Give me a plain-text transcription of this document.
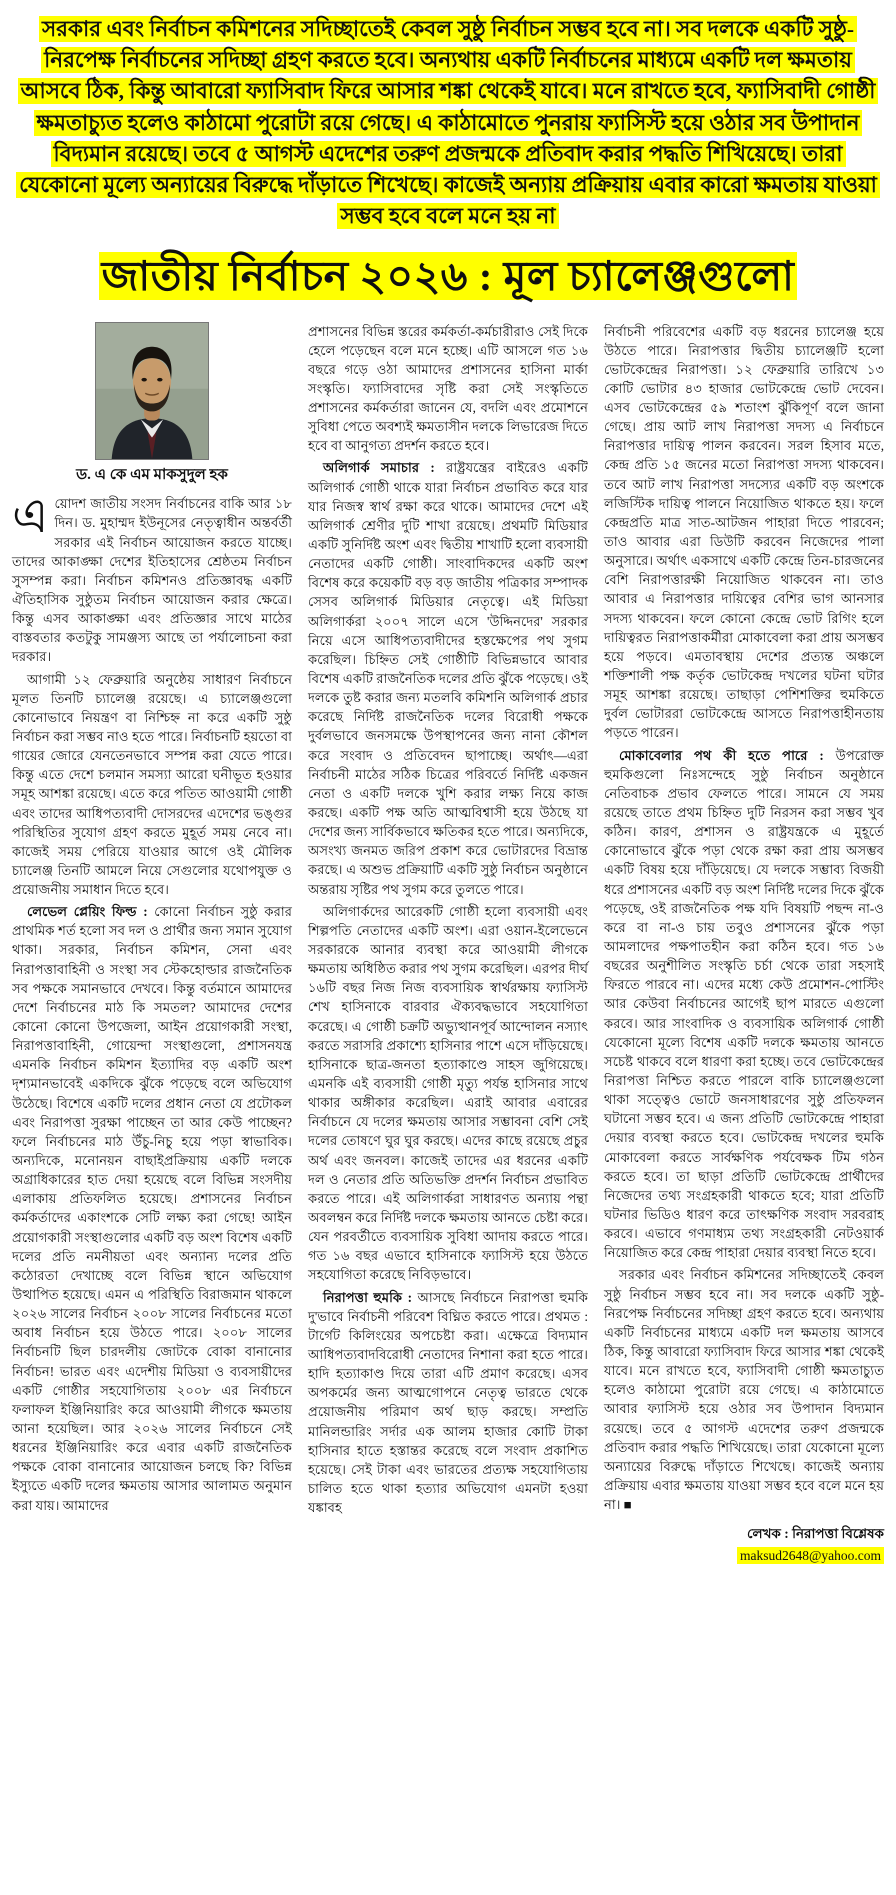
সরকার এবং নির্বাচন কমিশনের সদিচ্ছাতেই কেবল সুষ্ঠু নির্বাচন সম্ভব হবে না। সব দলকে একটি সুষ্ঠু-নিরপেক্ষ নির্বাচনের সদিচ্ছা গ্রহণ করতে হবে। অন্যথায় একটি নির্বাচনের মাধ্যমে একটি দল ক্ষমতায় আসবে ঠিক, কিন্তু আবারো ফ্যাসিবাদ ফিরে আসার শঙ্কা থেকেই যাবে। মনে রাখতে হবে, ফ্যাসিবাদী গোষ্ঠী ক্ষমতাচ্যুত হলেও কাঠামো পুরোটা রয়ে গেছে। এ কাঠামোতে পুনরায় ফ্যাসিস্ট হয়ে ওঠার সব উপাদান বিদ্যমান রয়েছে। তবে ৫ আগস্ট এদেশের তরুণ প্রজন্মকে প্রতিবাদ করার পদ্ধতি শিখিয়েছে। তারা যেকোনো মূল্যে অন্যায়ের বিরুদ্ধে দাঁড়াতে শিখেছে। কাজেই অন্যায় প্রক্রিয়ায় এবার কারো ক্ষমতায় যাওয়া সম্ভব হবে বলে মনে হয় না

জাতীয় নির্বাচন ২০২৬ : মূল চ্যালেঞ্জগুলো
ড. এ কে এম মাকসুদুল হক

এয়োদশ জাতীয় সংসদ নির্বাচনের বাকি আর ১৮ দিন। ড. মুহাম্মদ ইউনূসের নেতৃত্বাধীন অন্তর্বর্তী সরকার এই নির্বাচন আয়োজন করতে যাচ্ছে। তাদের আকাঙ্ক্ষা দেশের ইতিহাসের শ্রেষ্ঠতম নির্বাচন সুসম্পন্ন করা। নির্বাচন কমিশনও প্রতিজ্ঞাবদ্ধ একটি ঐতিহাসিক সুষ্ঠুতম নির্বাচন আয়োজন করার ক্ষেত্রে। কিন্তু এসব আকাঙ্ক্ষা এবং প্রতিজ্ঞার সাথে মাঠের বাস্তবতার কতটুকু সামঞ্জস্য আছে তা পর্যালোচনা করা দরকার।

আগামী ১২ ফেব্রুয়ারি অনুষ্ঠেয় সাধারণ নির্বাচনে মূলত তিনটি চ্যালেঞ্জ রয়েছে। এ চ্যালেঞ্জগুলো কোনোভাবে নিয়ন্ত্রণ বা নিশ্চিহ্ন না করে একটি সুষ্ঠু নির্বাচন করা সম্ভব নাও হতে পারে। নির্বাচনটি হয়তো বা গায়ের জোরে যেনতেনভাবে সম্পন্ন করা যেতে পারে। কিন্তু এতে দেশে চলমান সমস্যা আরো ঘনীভূত হওয়ার সমূহ আশঙ্কা রয়েছে। এতে করে পতিত আওয়ামী গোষ্ঠী এবং তাদের আধিপত্যবাদী দোসরদের এদেশের ভঙ্গুর পরিস্থিতির সুযোগ গ্রহণ করতে মুহূর্ত সময় নেবে না। কাজেই সময় পেরিয়ে যাওয়ার আগে ওই মৌলিক চ্যালেঞ্জ তিনটি আমলে নিয়ে সেগুলোর যথোপযুক্ত ও প্রয়োজনীয় সমাধান দিতে হবে।

লেভেল প্লেয়িং ফিল্ড : কোনো নির্বাচন সুষ্ঠু করার প্রাথমিক শর্ত হলো সব দল ও প্রার্থীর জন্য সমান সুযোগ থাকা। সরকার, নির্বাচন কমিশন, সেনা এবং নিরাপত্তাবাহিনী ও সংস্থা সব স্টেকহোল্ডার রাজনৈতিক সব পক্ষকে সমানভাবে দেখবে। কিন্তু বর্তমানে আমাদের দেশে নির্বাচনের মাঠ কি সমতল? আমাদের দেশের কোনো কোনো উপজেলা, আইন প্রয়োগকারী সংস্থা, নিরাপত্তাবাহিনী, গোয়েন্দা সংস্থাগুলো, প্রশাসনযন্ত্র এমনকি নির্বাচন কমিশন ইত্যাদির বড় একটি অংশ দৃশ্যমানভাবেই একদিকে ঝুঁকে পড়েছে বলে অভিযোগ উঠেছে। বিশেষে একটি দলের প্রধান নেতা যে প্রটোকল এবং নিরাপত্তা সুরক্ষা পাচ্ছেন তা আর কেউ পাচ্ছেন? ফলে নির্বাচনের মাঠ উঁচু-নিচু হয়ে পড়া স্বাভাবিক। অন্যদিকে, মনোনয়ন বাছাইপ্রক্রিয়ায় একটি দলকে অগ্রাধিকারের হাত দেয়া হয়েছে বলে বিভিন্ন সংসদীয় এলাকায় প্রতিফলিত হয়েছে। প্রশাসনের নির্বাচন কর্মকর্তাদের একাংশকে সেটি লক্ষ্য করা গেছে! আইন প্রয়োগকারী সংস্থাগুলোর একটি বড় অংশ বিশেষ একটি দলের প্রতি নমনীয়তা এবং অন্যান্য দলের প্রতি কঠোরতা দেখাচ্ছে বলে বিভিন্ন স্থানে অভিযোগ উত্থাপিত হয়েছে। এমন এ পরিস্থিতি বিরাজমান থাকলে ২০২৬ সালের নির্বাচন ২০০৮ সালের নির্বাচনের মতো অবাধ নির্বাচন হয়ে উঠতে পারে। ২০০৮ সালের নির্বাচনটি ছিল চারদলীয় জোটকে বোকা বানানোর নির্বাচন! ভারত এবং এদেশীয় মিডিয়া ও ব্যবসায়ীদের একটি গোষ্ঠীর সহযোগিতায় ২০০৮ এর নির্বাচনে ফলাফল ইঞ্জিনিয়ারিং করে আওয়ামী লীগকে ক্ষমতায় আনা হয়েছিল। আর ২০২৬ সালের নির্বাচনে সেই ধরনের ইঞ্জিনিয়ারিং করে এবার একটি রাজনৈতিক পক্ষকে বোকা বানানোর আয়োজন চলছে কি? বিভিন্ন ইস্যুতে একটি দলের ক্ষমতায় আসার আলামত অনুমান করা যায়। আমাদের

প্রশাসনের বিভিন্ন স্তরের কর্মকর্তা-কর্মচারীরাও সেই দিকে হেলে পড়েছেন বলে মনে হচ্ছে। এটি আসলে গত ১৬ বছরে গড়ে ওঠা আমাদের প্রশাসনের হাসিনা মার্কা সংস্কৃতি। ফ্যাসিবাদের সৃষ্টি করা সেই সংস্কৃতিতে প্রশাসনের কর্মকর্তারা জানেন যে, বদলি এবং প্রমোশনে সুবিধা পেতে অবশ্যই ক্ষমতাসীন দলকে লিভারেজ দিতে হবে বা আনুগত্য প্রদর্শন করতে হবে।

অলিগার্ক সমাচার : রাষ্ট্রযন্ত্রের বাইরেও একটি অলিগার্ক গোষ্ঠী থাকে যারা নির্বাচন প্রভাবিত করে যার যার নিজস্ব স্বার্থ রক্ষা করে থাকে। আমাদের দেশে এই অলিগার্ক শ্রেণীর দুটি শাখা রয়েছে। প্রথমটি মিডিয়ার একটি সুনির্দিষ্ট অংশ এবং দ্বিতীয় শাখাটি হলো ব্যবসায়ী নেতাদের একটি গোষ্ঠী। সাংবাদিকদের একটি অংশ বিশেষ করে কয়েকটি বড় বড় জাতীয় পত্রিকার সম্পাদক সেসব অলিগার্ক মিডিয়ার নেতৃত্বে। এই মিডিয়া অলিগার্করা ২০০৭ সালে এসে 'উদ্দিনদের' সরকার নিয়ে এসে আধিপত্যবাদীদের হস্তক্ষেপের পথ সুগম করেছিল। চিহ্নিত সেই গোষ্ঠীটি বিভিন্নভাবে আবার বিশেষ একটি রাজনৈতিক দলের প্রতি ঝুঁকে পড়েছে। ওই দলকে তুষ্ট করার জন্য মতলবি কমিশনি অলিগার্ক প্রচার করেছে নির্দিষ্ট রাজনৈতিক দলের বিরোধী পক্ষকে দুর্বলভাবে জনসমক্ষে উপস্থাপনের জন্য নানা কৌশল করে সংবাদ ও প্রতিবেদন ছাপাচ্ছে। অর্থাৎ—এরা নির্বাচনী মাঠের সঠিক চিত্রের পরিবর্তে নির্দিষ্ট একজন নেতা ও একটি দলকে খুশি করার লক্ষ্য নিয়ে কাজ করছে। একটি পক্ষ অতি আত্মবিশ্বাসী হয়ে উঠছে যা দেশের জন্য সার্বিকভাবে ক্ষতিকর হতে পারে। অন্যদিকে, অসংখ্য জনমত জরিপ প্রকাশ করে ভোটারদের বিভ্রান্ত করছে। এ অশুভ প্রক্রিয়াটি একটি সুষ্ঠু নির্বাচন অনুষ্ঠানে অন্তরায় সৃষ্টির পথ সুগম করে তুলতে পারে।

অলিগার্কদের আরেকটি গোষ্ঠী হলো ব্যবসায়ী এবং শিল্পপতি নেতাদের একটি অংশ। এরা ওয়ান-ইলেভেনে সরকারকে আনার ব্যবস্থা করে আওয়ামী লীগকে ক্ষমতায় অধিষ্ঠিত করার পথ সুগম করেছিল। এরপর দীর্ঘ ১৬টি বছর নিজ নিজ ব্যবসায়িক স্বার্থরক্ষায় ফ্যাসিস্ট শেখ হাসিনাকে বারবার ঐক্যবদ্ধভাবে সহযোগিতা করেছে। এ গোষ্ঠী চক্রটি অভ্যুত্থানপূর্ব আন্দোলন নস্যাৎ করতে সরাসরি প্রকাশ্যে হাসিনার পাশে এসে দাঁড়িয়েছে। হাসিনাকে ছাত্র-জনতা হত্যাকাণ্ডে সাহস জুগিয়েছে। এমনকি এই ব্যবসায়ী গোষ্ঠী মৃত্যু পর্যন্ত হাসিনার সাথে থাকার অঙ্গীকার করেছিল। এরাই আবার এবারের নির্বাচনে যে দলের ক্ষমতায় আসার সম্ভাবনা বেশি সেই দলের তোষণে ঘুর ঘুর করছে। এদের কাছে রয়েছে প্রচুর অর্থ এবং জনবল। কাজেই তাদের এর ধরনের একটি দল ও নেতার প্রতি অতিভক্তি প্রদর্শন নির্বাচন প্রভাবিত করতে পারে। এই অলিগার্করা সাধারণত অন্যায় পন্থা অবলম্বন করে নির্দিষ্ট দলকে ক্ষমতায় আনতে চেষ্টা করে। যেন পরবর্তীতে ব্যবসায়িক সুবিধা আদায় করতে পারে। গত ১৬ বছর এভাবে হাসিনাকে ফ্যাসিস্ট হয়ে উঠতে সহযোগিতা করেছে নিবিড়ভাবে।

নিরাপত্তা হুমকি : আসছে নির্বাচনে নিরাপত্তা হুমকি দু'ভাবে নির্বাচনী পরিবেশ বিঘ্নিত করতে পারে। প্রথমত : টার্গেট কিলিংয়ের অপচেষ্টা করা। এক্ষেত্রে বিদ্যমান আধিপত্যবাদবিরোধী নেতাদের নিশানা করা হতে পারে। হাদি হত্যাকাণ্ড দিয়ে তারা এটি প্রমাণ করেছে। এসব অপকর্মের জন্য আত্মগোপনে নেতৃত্ব ভারতে থেকে প্রয়োজনীয় পরিমাণ অর্থ ছাড় করছে। সম্প্রতি মানিলন্ডারিং সর্দার এক আলম হাজার কোটি টাকা হাসিনার হাতে হস্তান্তর করেছে বলে সংবাদ প্রকাশিত হয়েছে। সেই টাকা এবং ভারতের প্রত্যক্ষ সহযোগিতায় চালিত হতে থাকা হত্যার অভিযোগ এমনটা হওয়া যঙ্কাবহ

নির্বাচনী পরিবেশের একটি বড় ধরনের চ্যালেঞ্জ হয়ে উঠতে পারে। নিরাপত্তার দ্বিতীয় চ্যালেঞ্জটি হলো ভোটকেন্দ্রের নিরাপত্তা। ১২ ফেব্রুয়ারি তারিখে ১৩ কোটি ভোটার ৪৩ হাজার ভোটকেন্দ্রে ভোট দেবেন। এসব ভোটকেন্দ্রের ৫৯ শতাংশ ঝুঁকিপূর্ণ বলে জানা গেছে। প্রায় আট লাখ নিরাপত্তা সদস্য এ নির্বাচনে নিরাপত্তার দায়িত্ব পালন করবেন। সরল হিসাব মতে, কেন্দ্র প্রতি ১৫ জনের মতো নিরাপত্তা সদস্য থাকবেন। তবে আট লাখ নিরাপত্তা সদস্যের একটি বড় অংশকে লজিস্টিক দায়িত্ব পালনে নিয়োজিত থাকতে হয়। ফলে কেন্দ্রপ্রতি মাত্র সাত-আটজন পাহারা দিতে পারবেন; তাও আবার এরা ডিউটি করবেন নিজেদের পালা অনুসারে। অর্থাৎ একসাথে একটি কেন্দ্রে তিন-চারজনের বেশি নিরাপত্তারক্ষী নিয়োজিত থাকবেন না। তাও আবার এ নিরাপত্তার দায়িত্বের বেশির ভাগ আনসার সদস্য থাকবেন। ফলে কোনো কেন্দ্রে ভোট রিগিং হলে দায়িত্বরত নিরাপত্তাকর্মীরা মোকাবেলা করা প্রায় অসম্ভব হয়ে পড়বে। এমতাবস্থায় দেশের প্রত্যন্ত অঞ্চলে শক্তিশালী পক্ষ কর্তৃক ভোটকেন্দ্র দখলের ঘটনা ঘটার সমূহ আশঙ্কা রয়েছে। তাছাড়া পেশিশক্তির হুমকিতে দুর্বল ভোটাররা ভোটকেন্দ্রে আসতে নিরাপত্তাহীনতায় পড়তে পারেন।

মোকাবেলার পথ কী হতে পারে : উপরোক্ত হুমকিগুলো নিঃসন্দেহে সুষ্ঠু নির্বাচন অনুষ্ঠানে নেতিবাচক প্রভাব ফেলতে পারে। সামনে যে সময় রয়েছে তাতে প্রথম চিহ্নিত দুটি নিরসন করা সম্ভব খুব কঠিন। কারণ, প্রশাসন ও রাষ্ট্রযন্ত্রকে এ মুহূর্তে কোনোভাবে ঝুঁকে পড়া থেকে রক্ষা করা প্রায় অসম্ভব একটি বিষয় হয়ে দাঁড়িয়েছে। যে দলকে সম্ভাব্য বিজয়ী ধরে প্রশাসনের একটি বড় অংশ নির্দিষ্ট দলের দিকে ঝুঁকে পড়েছে, ওই রাজনৈতিক পক্ষ যদি বিষয়টি পছন্দ না-ও করে বা না-ও চায় তবুও প্রশাসনের ঝুঁকে পড়া আমলাদের পক্ষপাতহীন করা কঠিন হবে। গত ১৬ বছরের অনুশীলিত সংস্কৃতি চর্চা থেকে তারা সহসাই ফিরতে পারবে না। এদের মধ্যে কেউ প্রমোশন-পোস্টিং আর কেউবা নির্বাচনের আগেই ছাপ মারতে এগুলো করবে। আর সাংবাদিক ও ব্যবসায়িক অলিগার্ক গোষ্ঠী যেকোনো মূল্যে বিশেষ একটি দলকে ক্ষমতায় আনতে সচেষ্ট থাকবে বলে ধারণা করা হচ্ছে। তবে ভোটকেন্দ্রের নিরাপত্তা নিশ্চিত করতে পারলে বাকি চ্যালেঞ্জগুলো থাকা সত্ত্বেও ভোটে জনসাধারণের সুষ্ঠু প্রতিফলন ঘটানো সম্ভব হবে। এ জন্য প্রতিটি ভোটকেন্দ্রে পাহারা দেয়ার ব্যবস্থা করতে হবে। ভোটকেন্দ্র দখলের হুমকি মোকাবেলা করতে সার্বক্ষণিক পর্যবেক্ষক টিম গঠন করতে হবে। তা ছাড়া প্রতিটি ভোটকেন্দ্রে প্রার্থীদের নিজেদের তথ্য সংগ্রহকারী থাকতে হবে; যারা প্রতিটি ঘটনার ভিডিও ধারণ করে তাৎক্ষণিক সংবাদ সরবরাহ করবে। এভাবে গণমাধ্যম তথ্য সংগ্রহকারী নেটওয়ার্ক নিয়োজিত করে কেন্দ্র পাহারা দেয়ার ব্যবস্থা নিতে হবে।

সরকার এবং নির্বাচন কমিশনের সদিচ্ছাতেই কেবল সুষ্ঠু নির্বাচন সম্ভব হবে না। সব দলকে একটি সুষ্ঠু-নিরপেক্ষ নির্বাচনের সদিচ্ছা গ্রহণ করতে হবে। অন্যথায় একটি নির্বাচনের মাধ্যমে একটি দল ক্ষমতায় আসবে ঠিক, কিন্তু আবারো ফ্যাসিবাদ ফিরে আসার শঙ্কা থেকেই যাবে। মনে রাখতে হবে, ফ্যাসিবাদী গোষ্ঠী ক্ষমতাচ্যুত হলেও কাঠামো পুরোটা রয়ে গেছে। এ কাঠামোতে আবার ফ্যাসিস্ট হয়ে ওঠার সব উপাদান বিদ্যমান রয়েছে। তবে ৫ আগস্ট এদেশের তরুণ প্রজন্মকে প্রতিবাদ করার পদ্ধতি শিখিয়েছে। তারা যেকোনো মূল্যে অন্যায়ের বিরুদ্ধে দাঁড়াতে শিখেছে। কাজেই অন্যায় প্রক্রিয়ায় এবার ক্ষমতায় যাওয়া সম্ভব হবে বলে মনে হয় না। ■

লেখক : নিরাপত্তা বিশ্লেষক

maksud2648@yahoo.com
